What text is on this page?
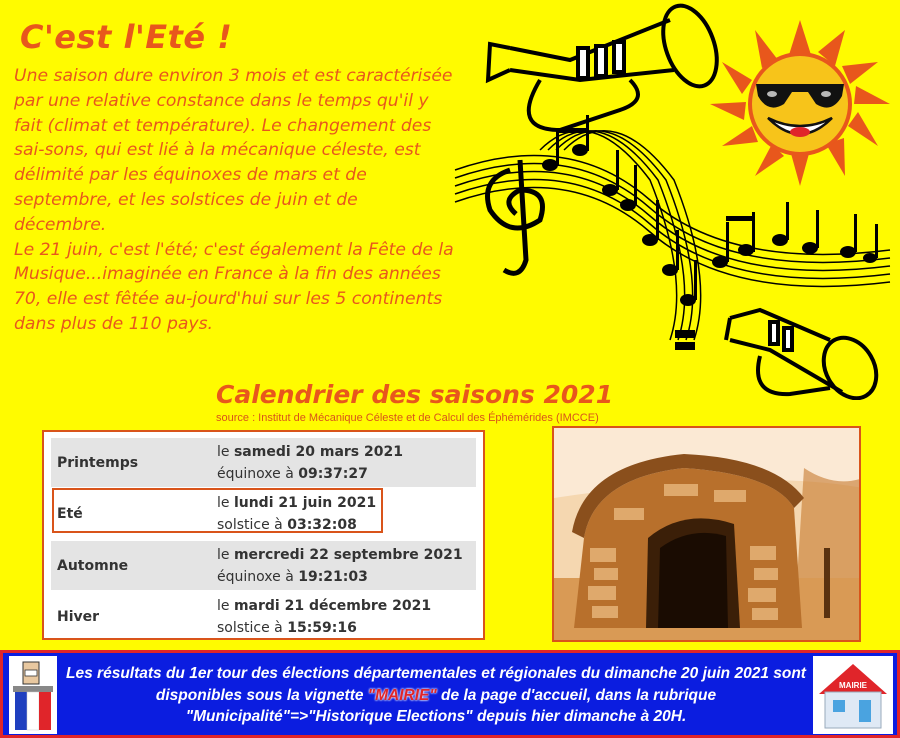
C'est l'Eté !

Une saison dure environ 3 mois et est caractérisée par une relative constance dans le temps qu'il y fait (climat et température). Le changement des sai-sons, qui est lié à la mécanique céleste, est délimité par les équinoxes de mars et de septembre, et les solstices de juin et de décembre.

Le 21 juin, c'est l'été; c'est également la Fête de la Musique...imaginée en France à la fin des années 70, elle est fêtée au-jourd'hui sur les 5 continents dans plus de 110 pays.

Calendrier des saisons 2021
source : Institut de Mécanique Céleste et de Calcul des Éphémérides (IMCCE)
Printemps
le samedi 20 mars 2021
équinoxe à 09:37:27
Eté
le lundi 21 juin 2021
solstice à 03:32:08
Automne
le mercredi 22 septembre 2021
équinoxe à 19:21:03
Hiver
le mardi 21 décembre 2021
solstice à 15:59:16
Les résultats du 1er tour des élections départementales et régionales du dimanche 20 juin 2021 sont disponibles sous la vignette "MAIRIE" de la page d'accueil, dans la rubrique "Municipalité"=>"Historique Elections" depuis hier dimanche à 20H.
MAIRIE
